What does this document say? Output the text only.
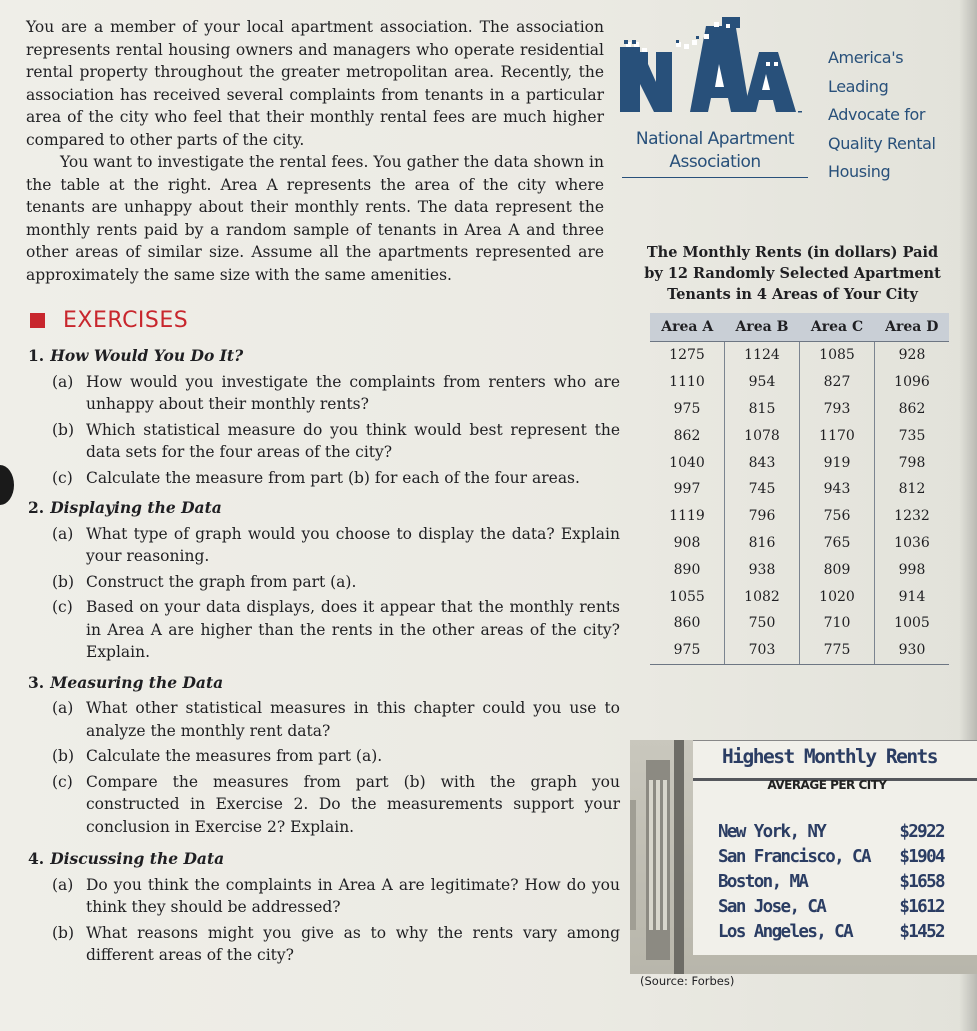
You are a member of your local apartment association. The association represents rental housing owners and managers who operate residential rental property throughout the greater metropolitan area. Recently, the association has received several complaints from tenants in a particular area of the city who feel that their monthly rental fees are much higher compared to other parts of the city.

You want to investigate the rental fees. You gather the data shown in the table at the right. Area A represents the area of the city where tenants are unhappy about their monthly rents. The data represent the monthly rents paid by a random sample of tenants in Area A and three other areas of similar size. Assume all the apartments represented are approximately the same size with the same amenities.

EXERCISES
1. How Would You Do It?
(a) How would you investigate the complaints from renters who are unhappy about their monthly rents?
(b) Which statistical measure do you think would best represent the data sets for the four areas of the city?
(c) Calculate the measure from part (b) for each of the four areas.
2. Displaying the Data
(a) What type of graph would you choose to display the data? Explain your reasoning.
(b) Construct the graph from part (a).
(c) Based on your data displays, does it appear that the monthly rents in Area A are higher than the rents in the other areas of the city? Explain.
3. Measuring the Data
(a) What other statistical measures in this chapter could you use to analyze the monthly rent data?
(b) Calculate the measures from part (a).
(c) Compare the measures from part (b) with the graph you constructed in Exercise 2. Do the measurements support your conclusion in Exercise 2? Explain.
4. Discussing the Data
(a) Do you think the complaints in Area A are legitimate? How do you think they should be addressed?
(b) What reasons might you give as to why the rents vary among different areas of the city?
National Apartment
Association
America's
Leading
Advocate for
Quality Rental
Housing
The Monthly Rents (in dollars) Paid
by 12 Randomly Selected Apartment
Tenants in 4 Areas of Your City
Area A	Area B	Area C	Area D
1275	1124	1085	928
1110	954	827	1096
975	815	793	862
862	1078	1170	735
1040	843	919	798
997	745	943	812
1119	796	756	1232
908	816	765	1036
890	938	809	998
1055	1082	1020	914
860	750	710	1005
975	703	775	930
Highest Monthly Rents
AVERAGE PER CITY
New York, NY	$2922
San Francisco, CA $1904
Boston, MA	$1658
San Jose, CA	$1612
Los Angeles, CA	$1452
(Source: Forbes)
